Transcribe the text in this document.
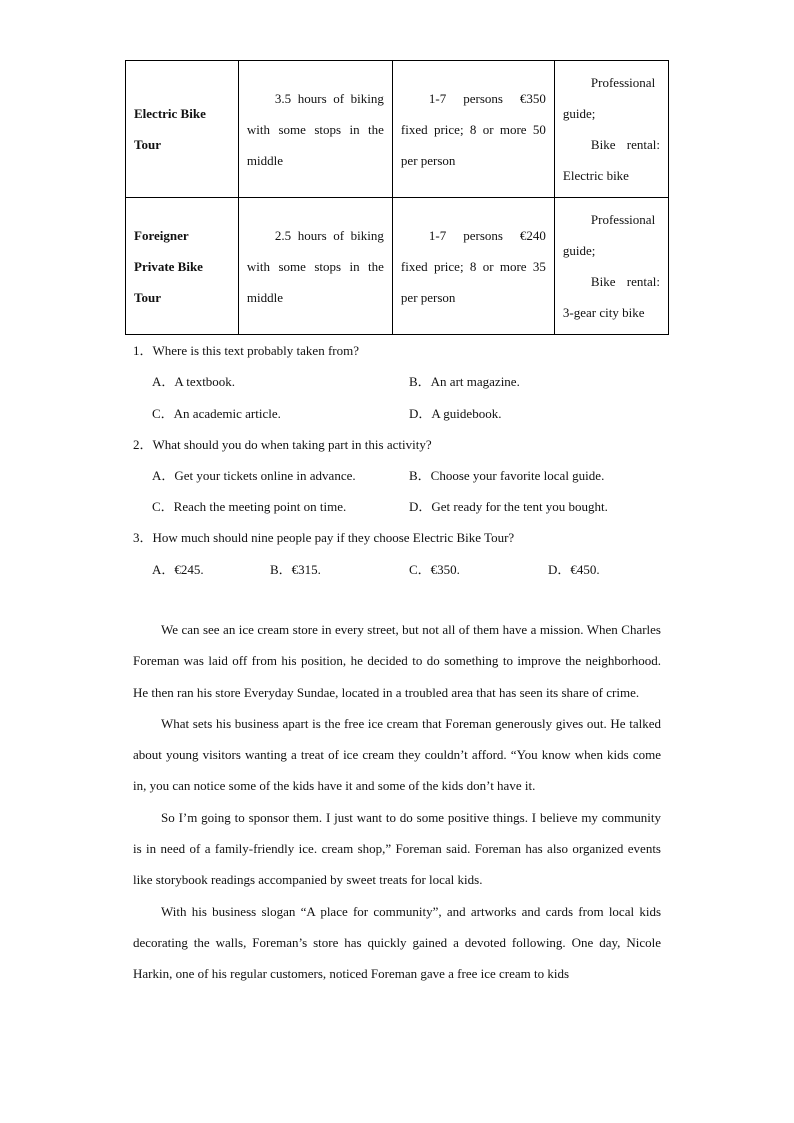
Electric Bike Tour	3.5 hours of biking with some stops in the middle	1-7 persons €350 fixed price; 8 or more 50 per person	Professional guide;
Bike rental: Electric bike

Foreigner Private Bike Tour	2.5 hours of biking with some stops in the middle	1-7 persons €240 fixed price; 8 or more 35 per person	Professional guide;
Bike rental: 3-gear city bike
1．Where is this text probably taken from?
A．A textbook.	B．An art magazine.
C．An academic article.	D．A guidebook.
2．What should you do when taking part in this activity?
A．Get your tickets online in advance.	B．Choose your favorite local guide.
C．Reach the meeting point on time.	D．Get ready for the tent you bought.
3．How much should nine people pay if they choose Electric Bike Tour?
A．€245.	B．€315.	C．€350.	D．€450.

We can see an ice cream store in every street, but not all of them have a mission. When Charles Foreman was laid off from his position, he decided to do something to improve the neighborhood. He then ran his store Everyday Sundae, located in a troubled area that has seen its share of crime.

What sets his business apart is the free ice cream that Foreman generously gives out. He talked about young visitors wanting a treat of ice cream they couldn’t afford. “You know when kids come in, you can notice some of the kids have it and some of the kids don’t have it.

So I’m going to sponsor them. I just want to do some positive things. I believe my community is in need of a family-friendly ice. cream shop,” Foreman said. Foreman has also organized events like storybook readings accompanied by sweet treats for local kids.

With his business slogan “A place for community”, and artworks and cards from local kids decorating the walls, Foreman’s store has quickly gained a devoted following. One day, Nicole Harkin, one of his regular customers, noticed Foreman gave a free ice cream to kids
